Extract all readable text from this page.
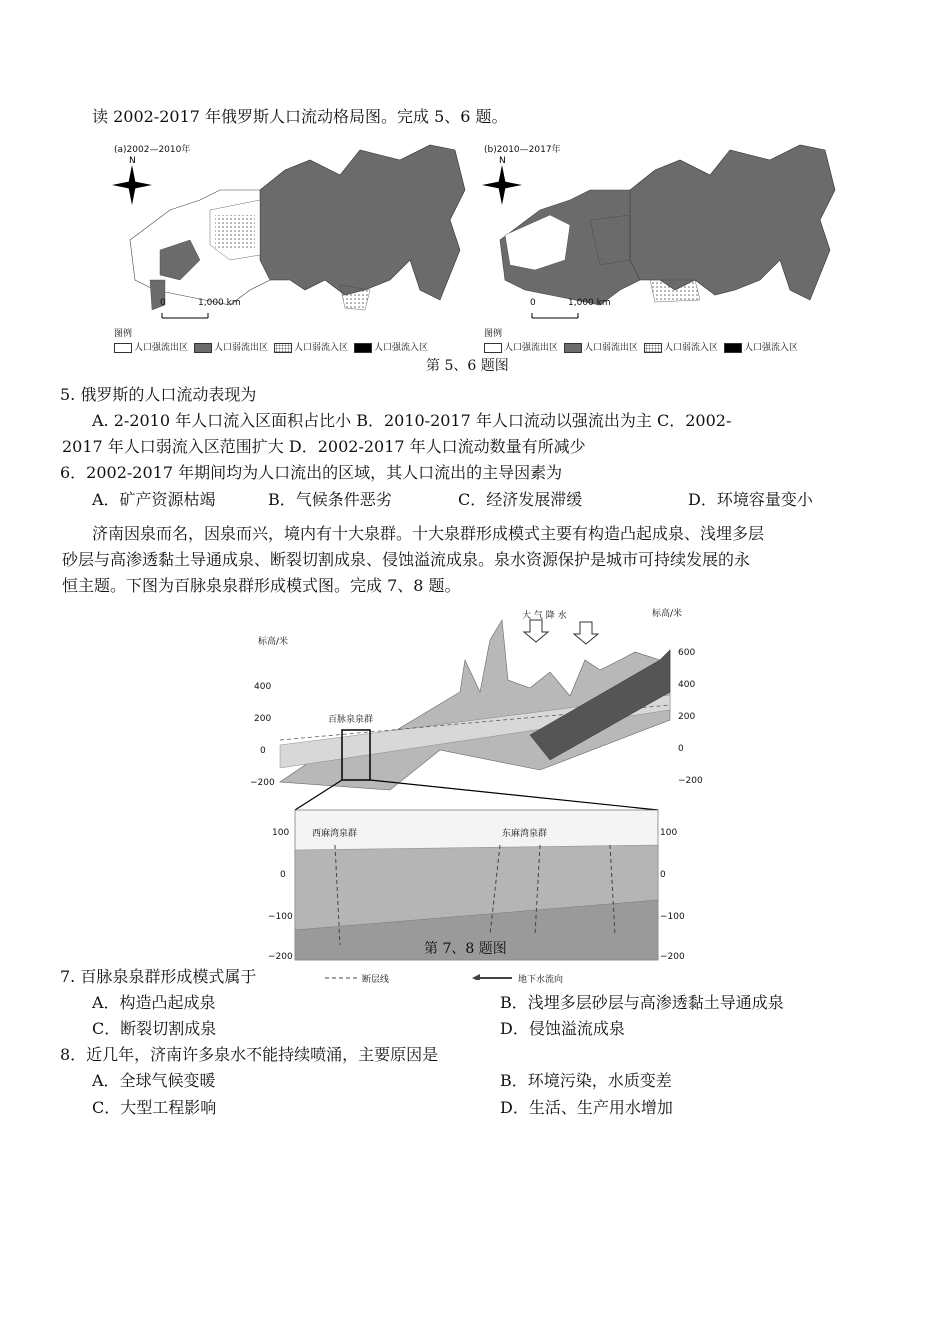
读 2002-2017 年俄罗斯人口流动格局图。完成 5、6 题。
N
(a)2002—2010年
0	1,000 km
图例
人口强流出区	人口弱流出区	人口弱流入区	人口强流入区
N
(b)2010—2017年
0	1,000 km
图例
人口强流出区	人口弱流出区	人口弱流入区	人口强流入区
第 5、6 题图
5. 俄罗斯的人口流动表现为
A. 2-2010 年人口流入区面积占比小 B．2010-2017 年人口流动以强流出为主 C．2002-
2017 年人口弱流入区范围扩大 D．2002-2017 年人口流动数量有所减少
6．2002-2017 年期间均为人口流出的区域，其人口流出的主导因素为
A．矿产资源枯竭	B．气候条件恶劣	C．经济发展滞缓	D．环境容量变小
济南因泉而名，因泉而兴，境内有十大泉群。十大泉群形成模式主要有构造凸起成泉、浅埋多层
砂层与高渗透黏土导通成泉、断裂切割成泉、侵蚀溢流成泉。泉水资源保护是城市可持续发展的永
恒主题。下图为百脉泉泉群形成模式图。完成 7、8 题。
大 气 降 水
标高/米
标高/米
400
200
0
−200
600
400
200
0
−200
百脉泉泉群
西麻湾泉群	东麻湾泉群
100
0
−100
−200
100
0
−100
−200
断层线	地下水流向
第 7、8 题图
7. 百脉泉泉群形成模式属于
A．构造凸起成泉	B．浅埋多层砂层与高渗透黏土导通成泉
C．断裂切割成泉	D．侵蚀溢流成泉
8．近几年，济南许多泉水不能持续喷涌，主要原因是
A．全球气候变暖	B．环境污染，水质变差
C．大型工程影响	D．生活、生产用水增加
